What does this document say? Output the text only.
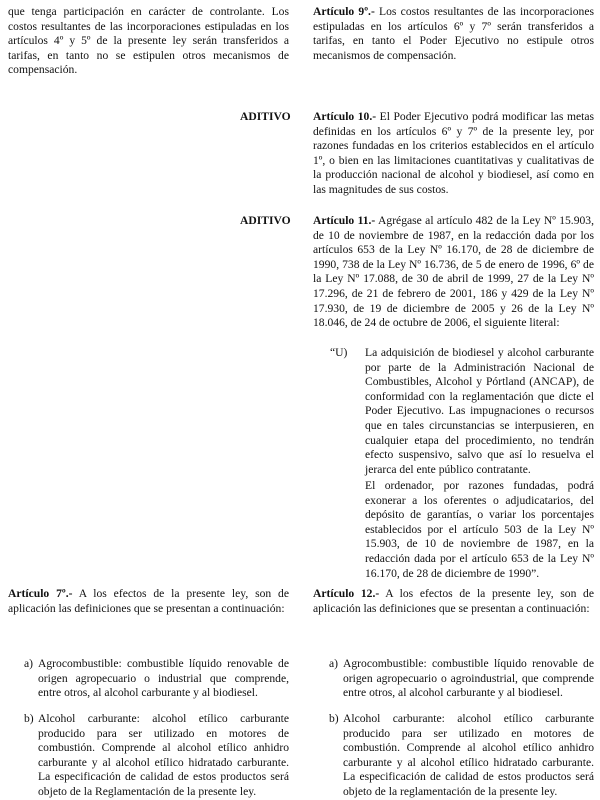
que tenga participación en carácter de controlante. Los costos resultantes de las incorporaciones estipuladas en los artículos 4º y 5º de la presente ley serán transferidos a tarifas, en tanto no se estipulen otros mecanismos de compensación.

Artículo 9º.- Los costos resultantes de las incorporaciones estipuladas en los artículos 6º y 7º serán transferidos a tarifas, en tanto el Poder Ejecutivo no estipule otros mecanismos de compensación.

ADITIVO Artículo 10.- El Poder Ejecutivo podrá modificar las metas definidas en los artículos 6º y 7º de la presente ley, por razones fundadas en los criterios establecidos en el artículo 1º, o bien en las limitaciones cuantitativas y cualitativas de la producción nacional de alcohol y biodiesel, así como en las magnitudes de sus costos.

ADITIVO Artículo 11.- Agrégase al artículo 482 de la Ley Nº 15.903, de 10 de noviembre de 1987, en la redacción dada por los artículos 653 de la Ley Nº 16.170, de 28 de diciembre de 1990, 738 de la Ley Nº 16.736, de 5 de enero de 1996, 6º de la Ley Nº 17.088, de 30 de abril de 1999, 27 de la Ley Nº 17.296, de 21 de febrero de 2001, 186 y 429 de la Ley Nº 17.930, de 19 de diciembre de 2005 y 26 de la Ley Nº 18.046, de 24 de octubre de 2006, el siguiente literal:

“U) La adquisición de biodiesel y alcohol carburante por parte de la Administración Nacional de Combustibles, Alcohol y Pórtland (ANCAP), de conformidad con la reglamentación que dicte el Poder Ejecutivo. Las impugnaciones o recursos que en tales circunstancias se interpusieren, en cualquier etapa del procedimiento, no tendrán efecto suspensivo, salvo que así lo resuelva el jerarca del ente público contratante.

El ordenador, por razones fundadas, podrá exonerar a los oferentes o adjudicatarios, del depósito de garantías, o variar los porcentajes establecidos por el artículo 503 de la Ley Nº 15.903, de 10 de noviembre de 1987, en la redacción dada por el artículo 653 de la Ley Nº 16.170, de 28 de diciembre de 1990”.

Artículo 7º.- A los efectos de la presente ley, son de aplicación las definiciones que se presentan a continuación:

a) Agrocombustible: combustible líquido renovable de origen agropecuario o industrial que comprende, entre otros, al alcohol carburante y al biodiesel.
b) Alcohol carburante: alcohol etílico carburante producido para ser utilizado en motores de combustión. Comprende al alcohol etílico anhidro carburante y al alcohol etílico hidratado carburante. La especificación de calidad de estos productos será objeto de la Reglamentación de la presente ley.

Artículo 12.- A los efectos de la presente ley, son de aplicación las definiciones que se presentan a continuación:

a) Agrocombustible: combustible líquido renovable de origen agropecuario o agroindustrial, que comprende entre otros, al alcohol carburante y al biodiesel.
b) Alcohol carburante: alcohol etílico carburante producido para ser utilizado en motores de combustión. Comprende al alcohol etílico anhidro carburante y al alcohol etílico hidratado carburante. La especificación de calidad de estos productos será objeto de la reglamentación de la presente ley.
